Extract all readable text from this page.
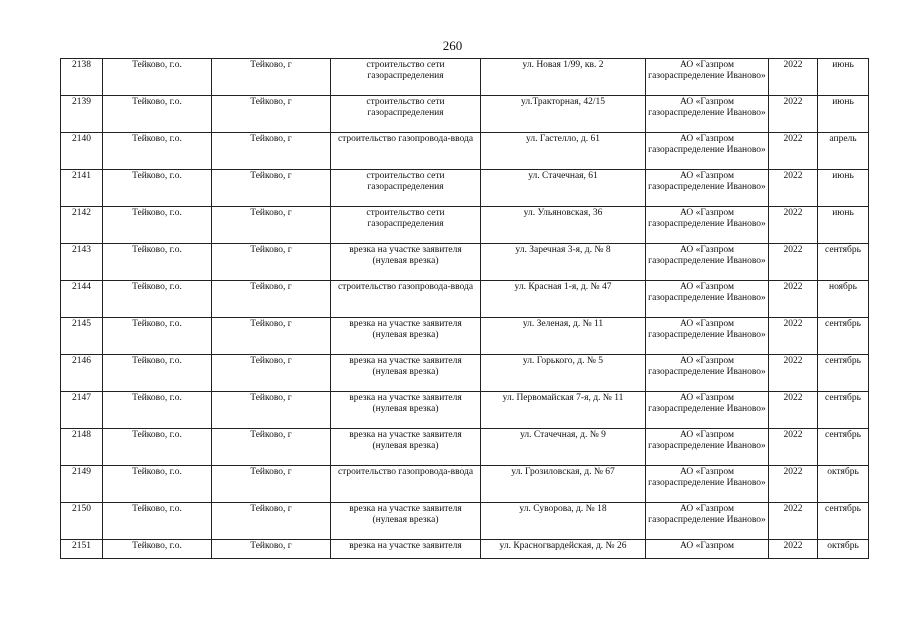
260
2138	Тейково, г.о.	Тейково, г	строительство сети газораспределения	ул. Новая 1/99, кв. 2	АО «Газпром газораспределение Иваново»	2022	июнь
2139	Тейково, г.о.	Тейково, г	строительство сети газораспределения	ул.Тракторная, 42/15	АО «Газпром газораспределение Иваново»	2022	июнь
2140	Тейково, г.о.	Тейково, г	строительство газопровода-ввода	ул. Гастелло, д. 61	АО «Газпром газораспределение Иваново»	2022	апрель
2141	Тейково, г.о.	Тейково, г	строительство сети газораспределения	ул. Стачечная, 61	АО «Газпром газораспределение Иваново»	2022	июнь
2142	Тейково, г.о.	Тейково, г	строительство сети газораспределения	ул. Ульяновская, 36	АО «Газпром газораспределение Иваново»	2022	июнь
2143	Тейково, г.о.	Тейково, г	врезка на участке заявителя (нулевая врезка)	ул. Заречная 3-я, д. № 8	АО «Газпром газораспределение Иваново»	2022	сентябрь
2144	Тейково, г.о.	Тейково, г	строительство газопровода-ввода	ул. Красная 1-я, д. № 47	АО «Газпром газораспределение Иваново»	2022	ноябрь
2145	Тейково, г.о.	Тейково, г	врезка на участке заявителя (нулевая врезка)	ул. Зеленая, д. № 11	АО «Газпром газораспределение Иваново»	2022	сентябрь
2146	Тейково, г.о.	Тейково, г	врезка на участке заявителя (нулевая врезка)	ул. Горького, д. № 5	АО «Газпром газораспределение Иваново»	2022	сентябрь
2147	Тейково, г.о.	Тейково, г	врезка на участке заявителя (нулевая врезка)	ул. Первомайская 7-я, д. № 11	АО «Газпром газораспределение Иваново»	2022	сентябрь
2148	Тейково, г.о.	Тейково, г	врезка на участке заявителя (нулевая врезка)	ул. Стачечная, д. № 9	АО «Газпром газораспределение Иваново»	2022	сентябрь
2149	Тейково, г.о.	Тейково, г	строительство газопровода-ввода	ул. Грозиловская, д. № 67	АО «Газпром газораспределение Иваново»	2022	октябрь
2150	Тейково, г.о.	Тейково, г	врезка на участке заявителя (нулевая врезка)	ул. Суворова, д. № 18	АО «Газпром газораспределение Иваново»	2022	сентябрь
2151	Тейково, г.о.	Тейково, г	врезка на участке заявителя	ул. Красногвардейская, д. № 26	АО «Газпром	2022	октябрь
